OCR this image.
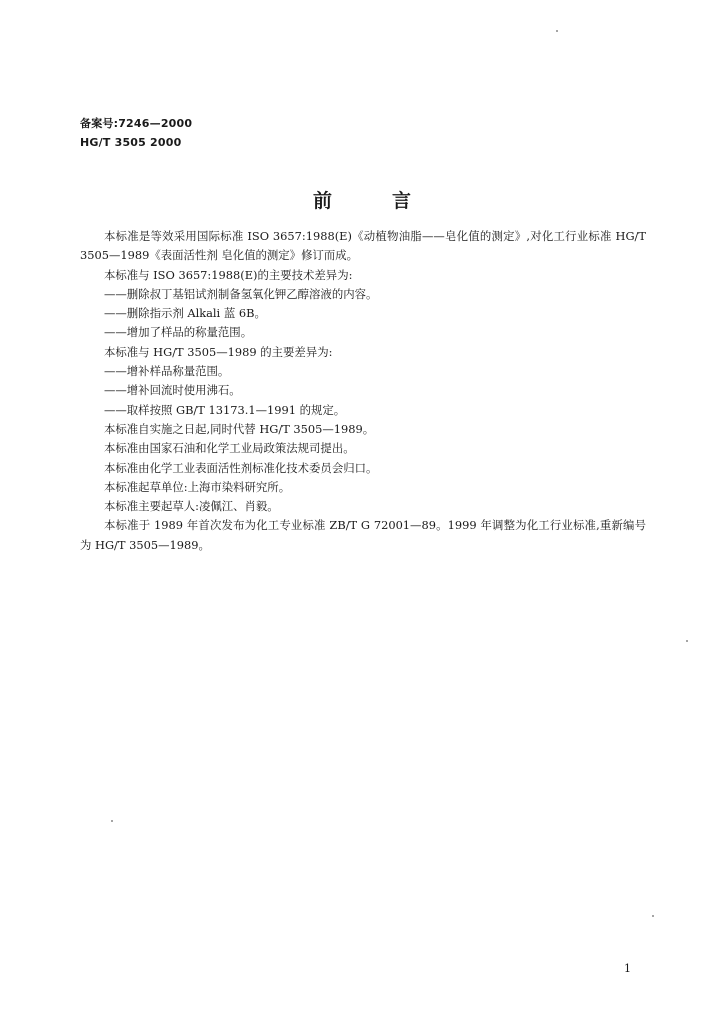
备案号:7246—2000
HG/T 3505 2000
前言

本标准是等效采用国际标准 ISO 3657:1988(E)《动植物油脂——皂化值的测定》,对化工行业标准 HG/T 3505—1989《表面活性剂 皂化值的测定》修订而成。

本标准与 ISO 3657:1988(E)的主要技术差异为:

——删除叔丁基铝试剂制备氢氧化钾乙醇溶液的内容。

——删除指示剂 Alkali 蓝 6B。

——增加了样品的称量范围。

本标准与 HG/T 3505—1989 的主要差异为:

——增补样品称量范围。

——增补回流时使用沸石。

——取样按照 GB/T 13173.1—1991 的规定。

本标准自实施之日起,同时代替 HG/T 3505—1989。

本标准由国家石油和化学工业局政策法规司提出。

本标准由化学工业表面活性剂标准化技术委员会归口。

本标准起草单位:上海市染料研究所。

本标准主要起草人:凌佩江、肖毅。

本标准于 1989 年首次发布为化工专业标准 ZB/T G 72001—89。1999 年调整为化工行业标准,重新编号为 HG/T 3505—1989。

1
